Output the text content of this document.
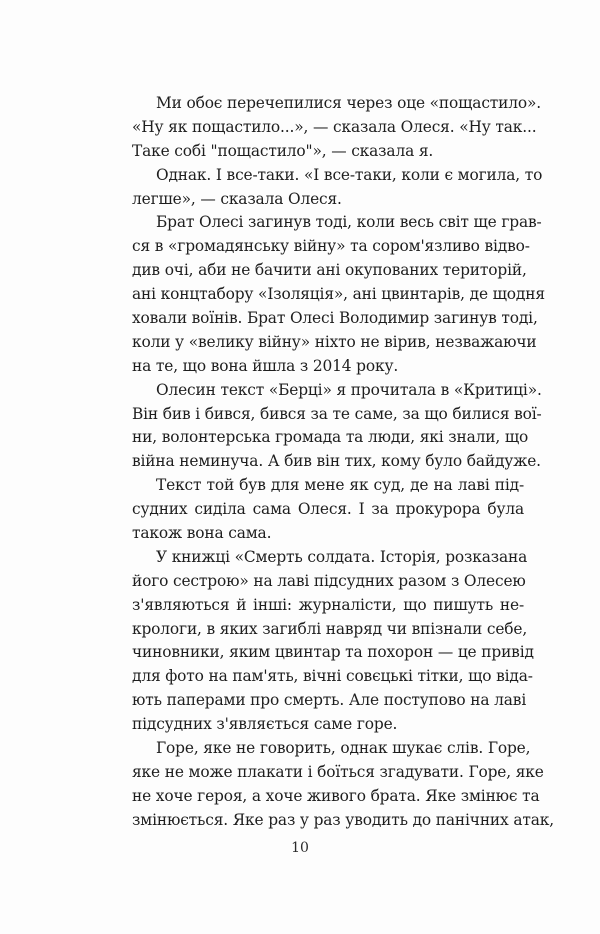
Ми обоє перечепилися через оце «пощастило».
«Ну як пощастило...», — сказала Олеся. «Ну так...
Таке собі "пощастило"», — сказала я.
Однак. І все-таки. «І все-таки, коли є могила, то
легше», — сказала Олеся.
Брат Олесі загинув тоді, коли весь світ ще грав-
ся в «громадянську війну» та сором'язливо відво-
див очі, аби не бачити ані окупованих територій,
ані концтабору «Ізоляція», ані цвинтарів, де щодня
ховали воїнів. Брат Олесі Володимир загинув тоді,
коли у «велику війну» ніхто не вірив, незважаючи
на те, що вона йшла з 2014 року.
Олесин текст «Берці» я прочитала в «Критиці».
Він бив і бився, бився за те саме, за що билися вої-
ни, волонтерська громада та люди, які знали, що
війна неминуча. А бив він тих, кому було байдуже.
Текст той був для мене як суд, де на лаві під-
судних сиділа сама Олеся. І за прокурора була
також вона сама.
У книжці «Смерть солдата. Історія, розказана
його сестрою» на лаві підсудних разом з Олесею
з'являються й інші: журналісти, що пишуть не-
крологи, в яких загиблі навряд чи впізнали себе,
чиновники, яким цвинтар та похорон — це привід
для фото на пам'ять, вічні совєцькі тітки, що віда-
ють паперами про смерть. Але поступово на лаві
підсудних з'являється саме горе.
Горе, яке не говорить, однак шукає слів. Горе,
яке не може плакати і боїться згадувати. Горе, яке
не хоче героя, а хоче живого брата. Яке змінює та
змінюється. Яке раз у раз уводить до панічних атак,
10
